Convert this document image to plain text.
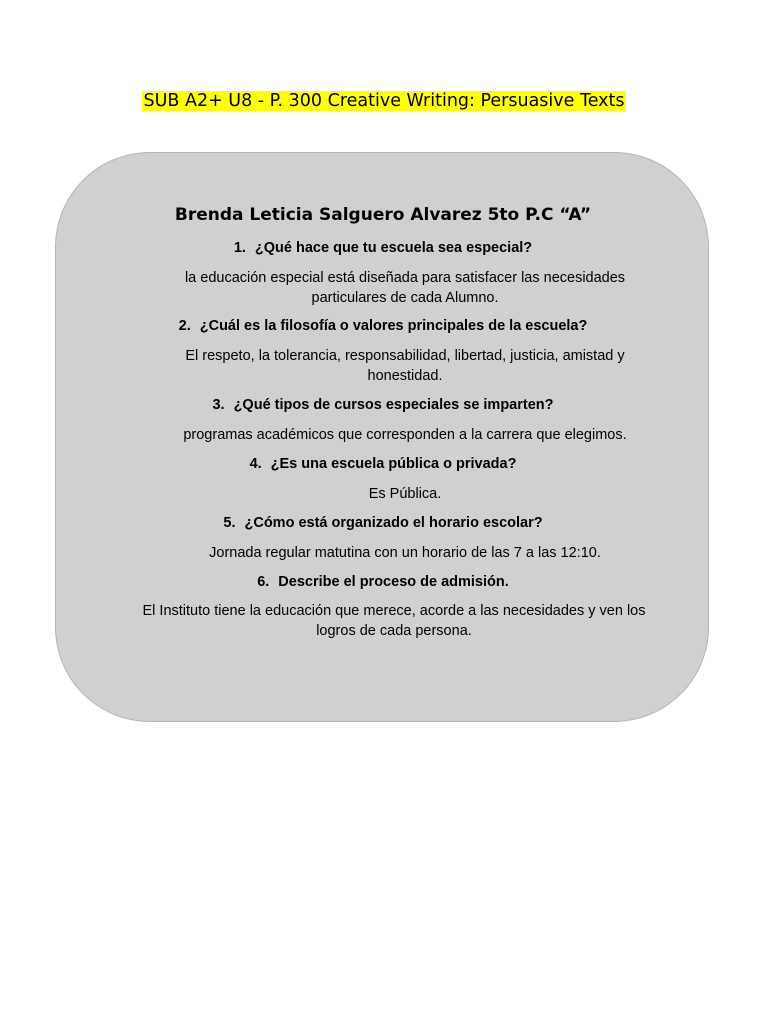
SUB A2+ U8 - P. 300 Creative Writing: Persuasive Texts
Brenda Leticia Salguero Alvarez 5to P.C “A”
1. ¿Qué hace que tu escuela sea especial?
la educación especial está diseñada para satisfacer las necesidades particulares de cada Alumno.
2. ¿Cuál es la filosofía o valores principales de la escuela?
El respeto, la tolerancia, responsabilidad, libertad, justicia, amistad y honestidad.
3. ¿Qué tipos de cursos especiales se imparten?
programas académicos que corresponden a la carrera que elegimos.
4. ¿Es una escuela pública o privada?
Es Pública.
5. ¿Cómo está organizado el horario escolar?
Jornada regular matutina con un horario de las 7 a las 12:10.
6. Describe el proceso de admisión.
El Instituto tiene la educación que merece, acorde a las necesidades y ven los logros de cada persona.
